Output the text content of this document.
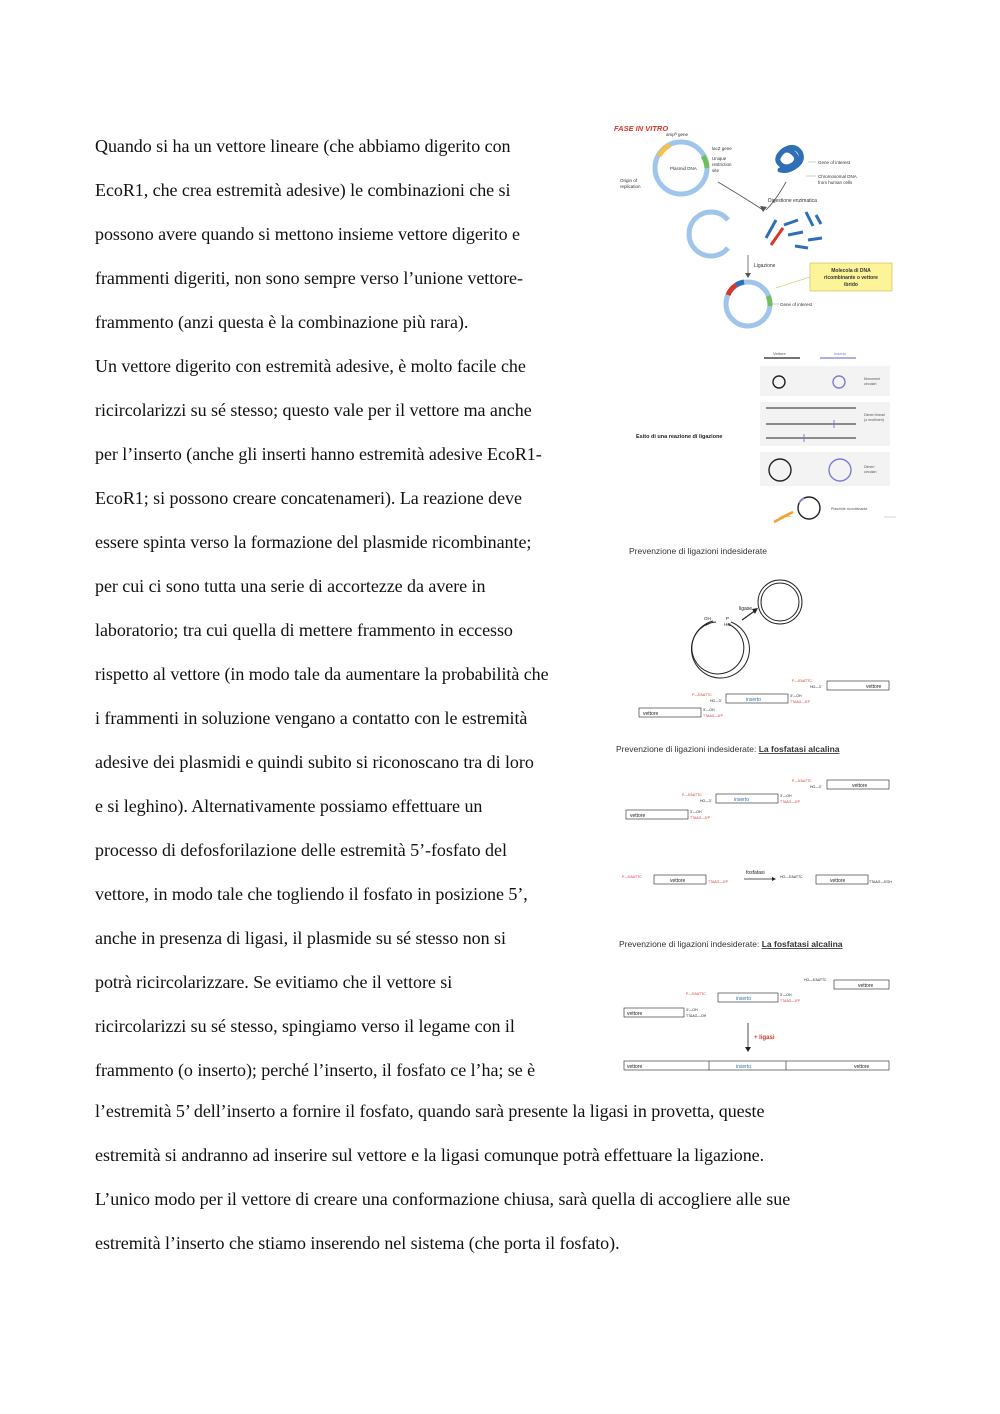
Quando si ha un vettore lineare (che abbiamo digerito con
EcoR1, che crea estremità adesive) le combinazioni che si
possono avere quando si mettono insieme vettore digerito e
frammenti digeriti, non sono sempre verso l’unione vettore-
frammento (anzi questa è la combinazione più rara).
Un vettore digerito con estremità adesive, è molto facile che
ricircolarizzi su sé stesso; questo vale per il vettore ma anche
per l’inserto (anche gli inserti hanno estremità adesive EcoR1-
EcoR1; si possono creare concatenameri). La reazione deve
essere spinta verso la formazione del plasmide ricombinante;
per cui ci sono tutta una serie di accortezze da avere in
laboratorio; tra cui quella di mettere frammento in eccesso
rispetto al vettore (in modo tale da aumentare la probabilità che
i frammenti in soluzione vengano a contatto con le estremità
adesive dei plasmidi e quindi subito si riconoscano tra di loro
e si leghino). Alternativamente possiamo effettuare un
processo di defosforilazione delle estremità 5’-fosfato del
vettore, in modo tale che togliendo il fosfato in posizione 5’,
anche in presenza di ligasi, il plasmide su sé stesso non si
potrà ricircolarizzare. Se evitiamo che il vettore si
ricircolarizzi su sé stesso, spingiamo verso il legame con il
frammento (o inserto); perché l’inserto, il fosfato ce l’ha; se è
l’estremità 5’ dell’inserto a fornire il fosfato, quando sarà presente la ligasi in provetta, queste
estremità si andranno ad inserire sul vettore e la ligasi comunque potrà effettuare la ligazione.
L’unico modo per il vettore di creare una conformazione chiusa, sarà quella di accogliere alle sue
estremità l’inserto che stiamo inserendo nel sistema (che porta il fosfato).
FASE IN VITRO
Plasmid DNA
ampᴿ gene
lacZ gene
Unique
restriction
site
Origin of
replication
Gene of interest
Chromosomal DNA
from human cells
Digestione enzimatica
Ligazione
Gene of interest
Molecola di DNA
ricombinante o vettore
ibrido
Vettore	Inserto
Monomeri
circolari
Dimeri lineari
(o multimeri)
Esito di una reazione di ligazione
Dimeri
circolari
Plasmide ricombinante
XXXXXX
Prevenzione di ligazioni indesiderate
OH
P
P
HO
ligase
P—5’AATTC
HO—3’	vettore
P—5’AATTC
HO—3’	inserto
3’—OH
TTAAG—5’P
vettore
3’—OH
TTAAG—5’P
Prevenzione di ligazioni indesiderate: La fosfatasi alcalina
P—5’AATTC
HO—3’	vettore
P—5’AATTC
HO—3’	inserto
3’—OH
TTAAG—5’P
vettore
3’—OH
TTAAG—5’P
P—5’AATTC
vettore	TTAAG—5’P
fosfatasi
HO—5’AATTC
vettore	TTAAG—5’OH
Prevenzione di ligazioni indesiderate: La fosfatasi alcalina
HO—5’AATTC
vettore
P—5’AATTC
inserto
3’—OH
TTAAG—5’P
vettore
3’—OH
TTAAG—OH
+ ligasi
vettore	inserto	vettore
